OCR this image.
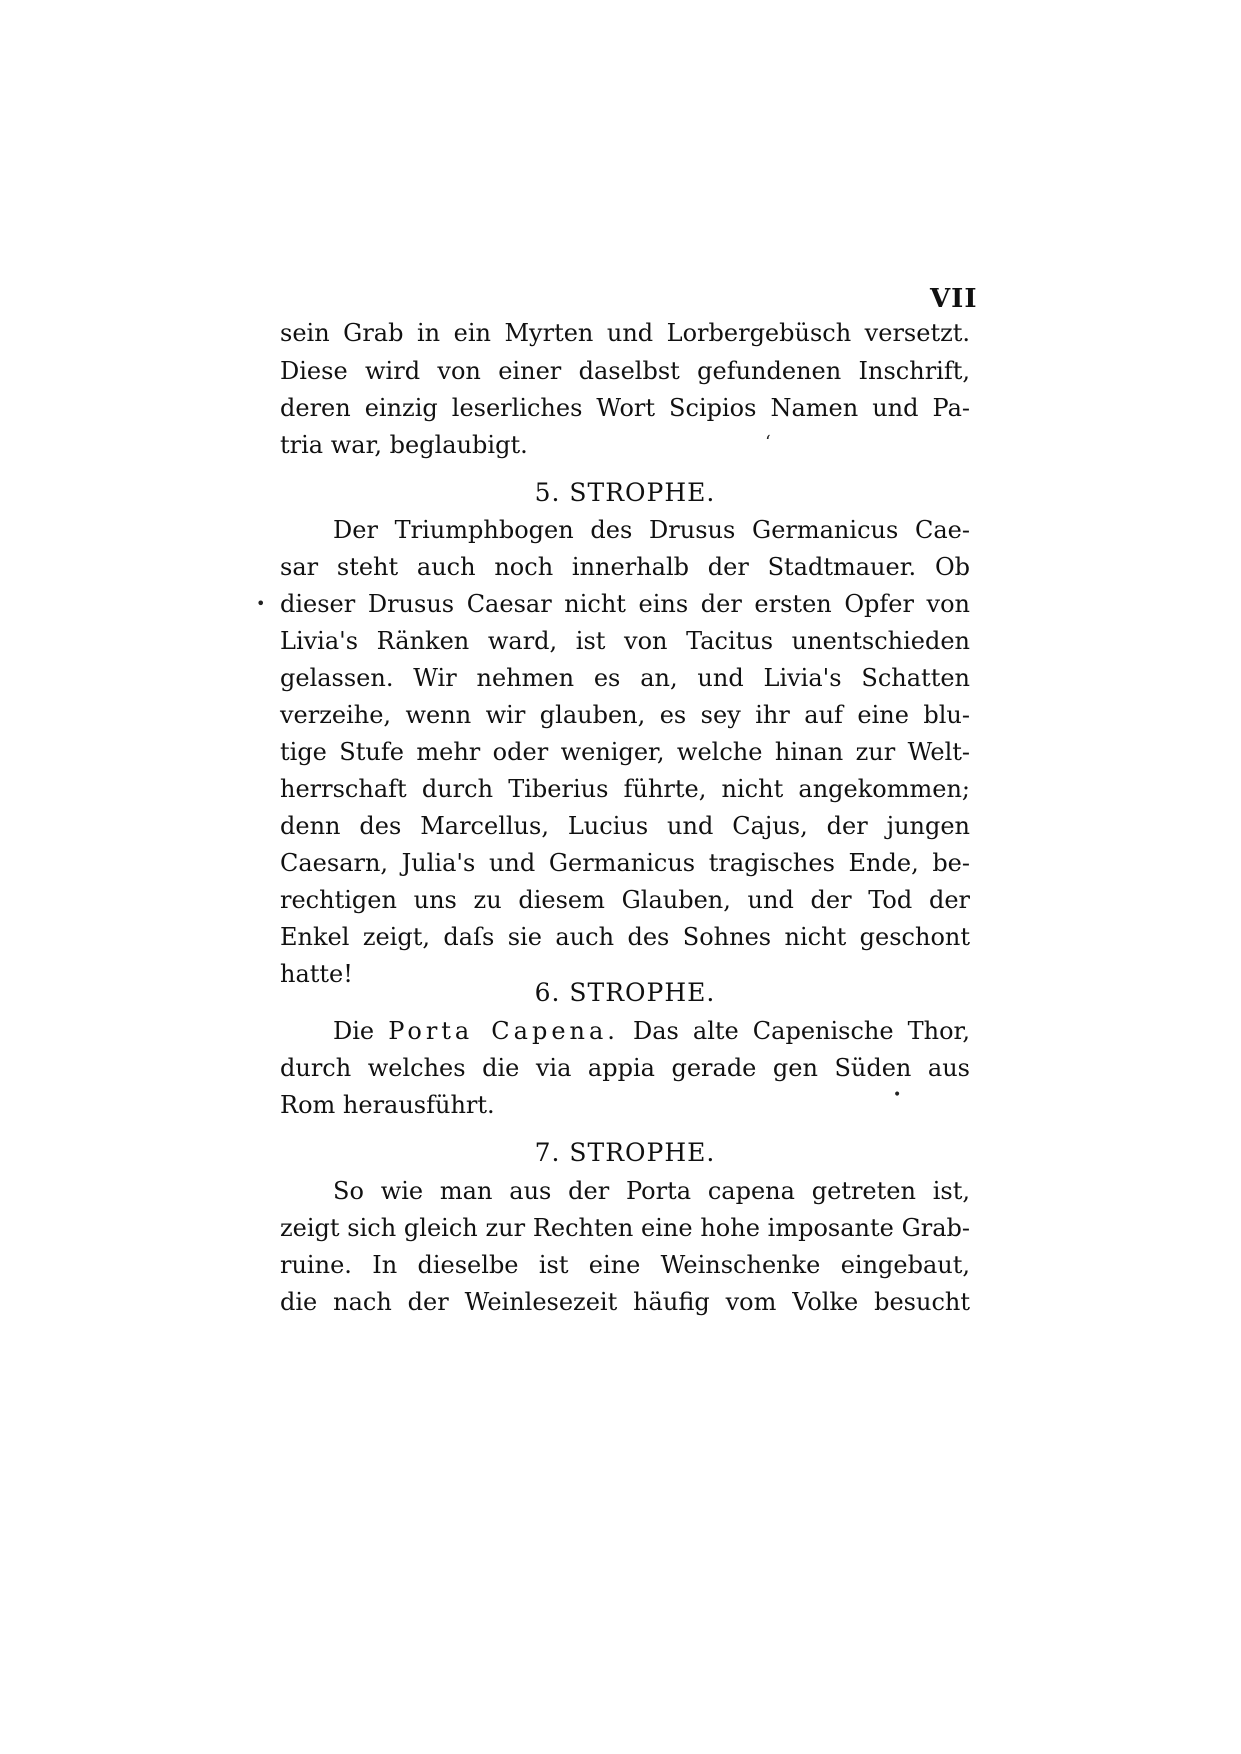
VII
sein Grab in ein Myrten und Lorbergebüsch versetzt.
Diese wird von einer daselbst gefundenen Inschrift,
deren einzig leserliches Wort Scipios Namen und Pa-
tria war, beglaubigt.	‘
5. STROPHE.
Der Triumphbogen des Drusus Germanicus Cae-
sar steht auch noch innerhalb der Stadtmauer. Ob
dieser Drusus Caesar nicht eins der ersten Opfer von
Livia's Ränken ward, ist von Tacitus unentschieden
gelassen. Wir nehmen es an, und Livia's Schatten
verzeihe, wenn wir glauben, es sey ihr auf eine blu-
tige Stufe mehr oder weniger, welche hinan zur Welt-
herrschaft durch Tiberius führte, nicht angekommen;
denn des Marcellus, Lucius und Cajus, der jungen
Caesarn, Julia's und Germanicus tragisches Ende, be-
rechtigen uns zu diesem Glauben, und der Tod der
Enkel zeigt, daſs sie auch des Sohnes nicht geschont
hatte!
•
6. STROPHE.
Die Porta Capena. Das alte Capenische Thor,
durch welches die via appia gerade gen Süden aus
Rom herausführt.	•
7. STROPHE.
So wie man aus der Porta capena getreten ist,
zeigt sich gleich zur Rechten eine hohe imposante Grab-
ruine. In dieselbe ist eine Weinschenke eingebaut,
die nach der Weinlesezeit häufig vom Volke besucht
